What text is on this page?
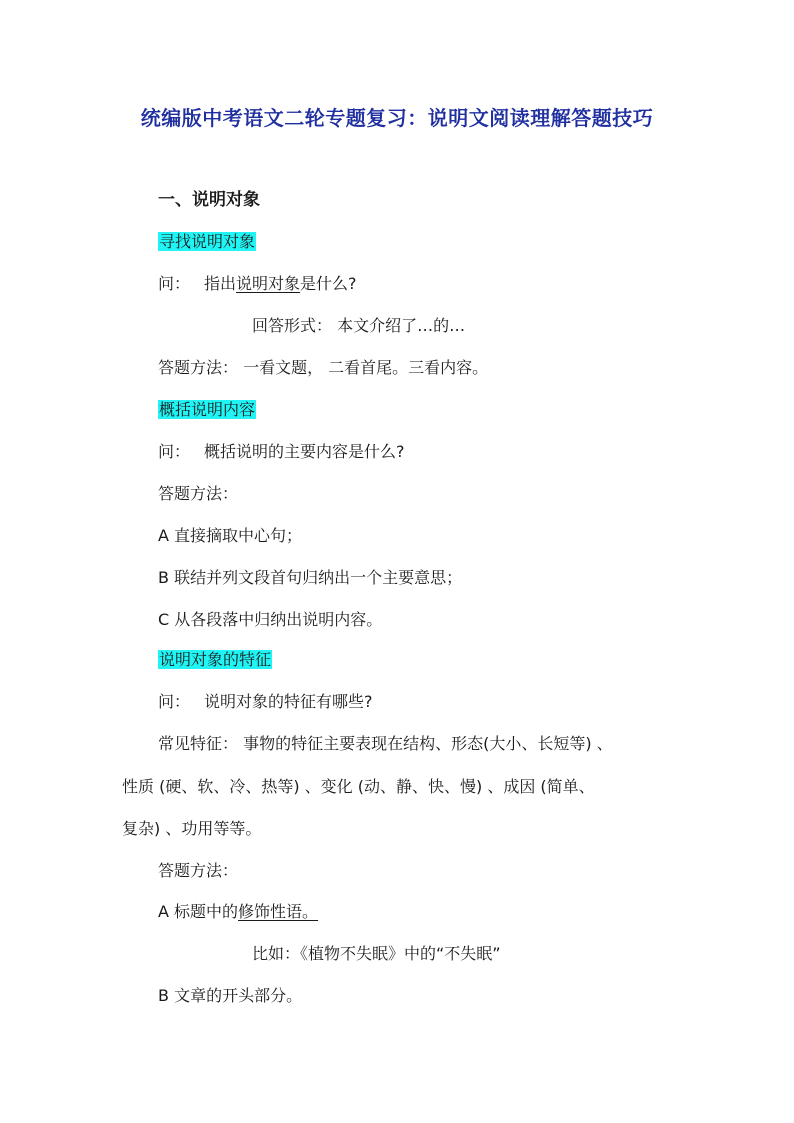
统编版中考语文二轮专题复习：说明文阅读理解答题技巧
一、说明对象
寻找说明对象
问： 指出说明对象是什么?
回答形式： 本文介绍了…的…
答题方法： 一看文题， 二看首尾。三看内容。
概括说明内容
问： 概括说明的主要内容是什么?
答题方法：
A 直接摘取中心句；
B 联结并列文段首句归纳出一个主要意思；
C 从各段落中归纳出说明内容。
说明对象的特征
问： 说明对象的特征有哪些?
常见特征： 事物的特征主要表现在结构、形态(大小、长短等) 、
性质 (硬、软、冷、热等) 、变化 (动、静、快、慢) 、成因 (简单、
复杂) 、功用等等。
答题方法：
A 标题中的修饰性语。
比如：《植物不失眠》中的“不失眠”
B 文章的开头部分。
